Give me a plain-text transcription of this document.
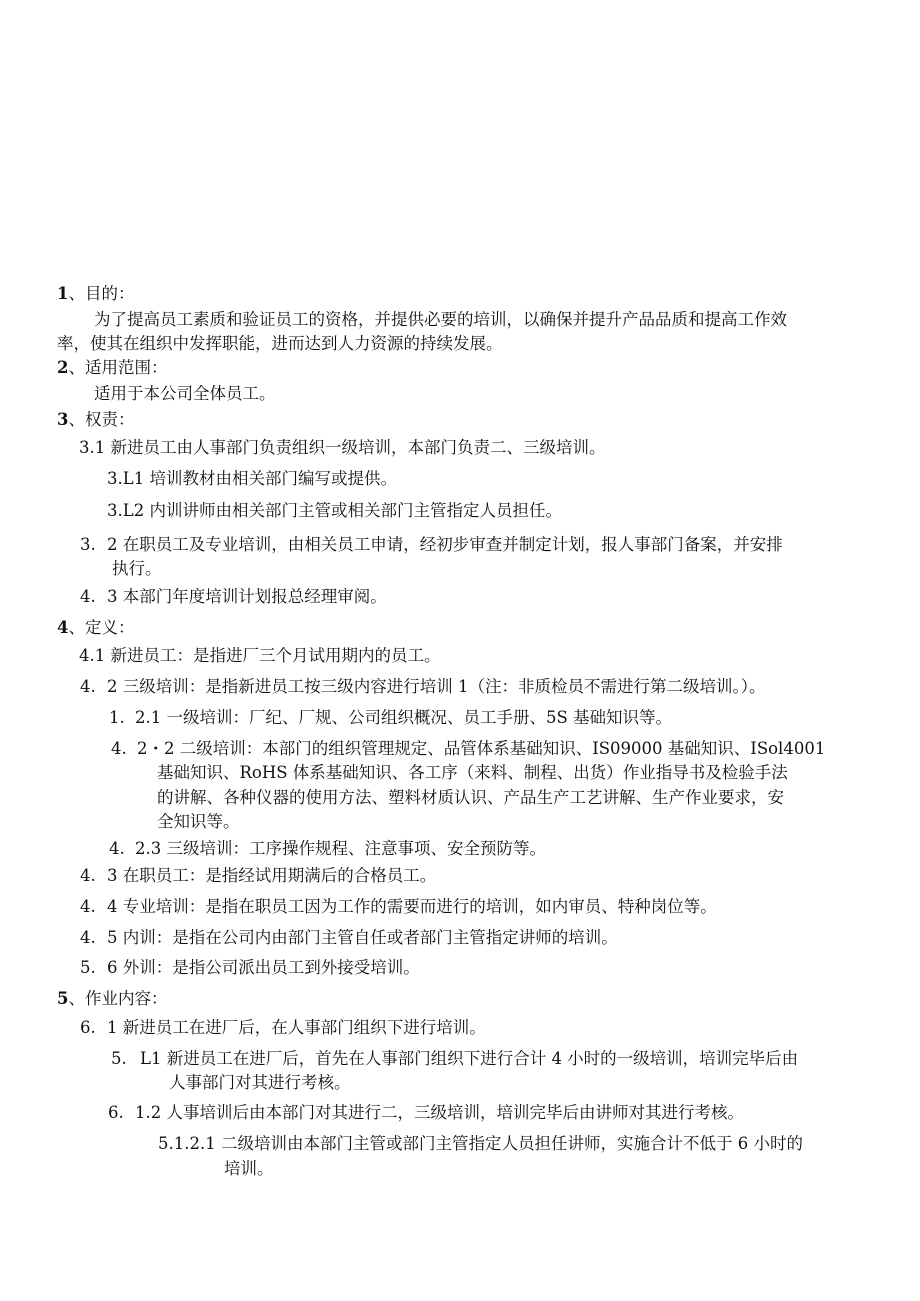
1、目的：
为了提高员工素质和验证员工的资格，并提供必要的培训，以确保并提升产品品质和提高工作效
率，使其在组织中发挥职能，进而达到人力资源的持续发展。
2、适用范围：
适用于本公司全体员工。
3、权责：
3.1 新进员工由人事部门负责组织一级培训，本部门负责二、三级培训。
3.L1 培训教材由相关部门编写或提供。
3.L2 内训讲师由相关部门主管或相关部门主管指定人员担任。
3. 2 在职员工及专业培训，由相关员工申请，经初步审查并制定计划，报人事部门备案，并安排
执行。
4. 3 本部门年度培训计划报总经理审阅。
4、定义：
4.1 新进员工：是指进厂三个月试用期内的员工。
4. 2 三级培训：是指新进员工按三级内容进行培训 1（注：非质检员不需进行第二级培训。）。
1. 2.1 一级培训：厂纪、厂规、公司组织概况、员工手册、5S 基础知识等。
4. 2・2 二级培训：本部门的组织管理规定、品管体系基础知识、IS09000 基础知识、ISol4001
基础知识、RoHS 体系基础知识、各工序（来料、制程、出货）作业指导书及检验手法
的讲解、各种仪器的使用方法、塑料材质认识、产品生产工艺讲解、生产作业要求，安
全知识等。
4. 2.3 三级培训：工序操作规程、注意事项、安全预防等。
4. 3 在职员工：是指经试用期满后的合格员工。
4. 4 专业培训：是指在职员工因为工作的需要而进行的培训，如内审员、特种岗位等。
4. 5 内训：是指在公司内由部门主管自任或者部门主管指定讲师的培训。
5. 6 外训：是指公司派出员工到外接受培训。
5、作业内容：
6. 1 新进员工在进厂后，在人事部门组织下进行培训。
5. L1 新进员工在进厂后，首先在人事部门组织下进行合计 4 小时的一级培训，培训完毕后由
人事部门对其进行考核。
6. 1.2 人事培训后由本部门对其进行二，三级培训，培训完毕后由讲师对其进行考核。
5.1.2.1 二级培训由本部门主管或部门主管指定人员担任讲师，实施合计不低于 6 小时的
培训。
